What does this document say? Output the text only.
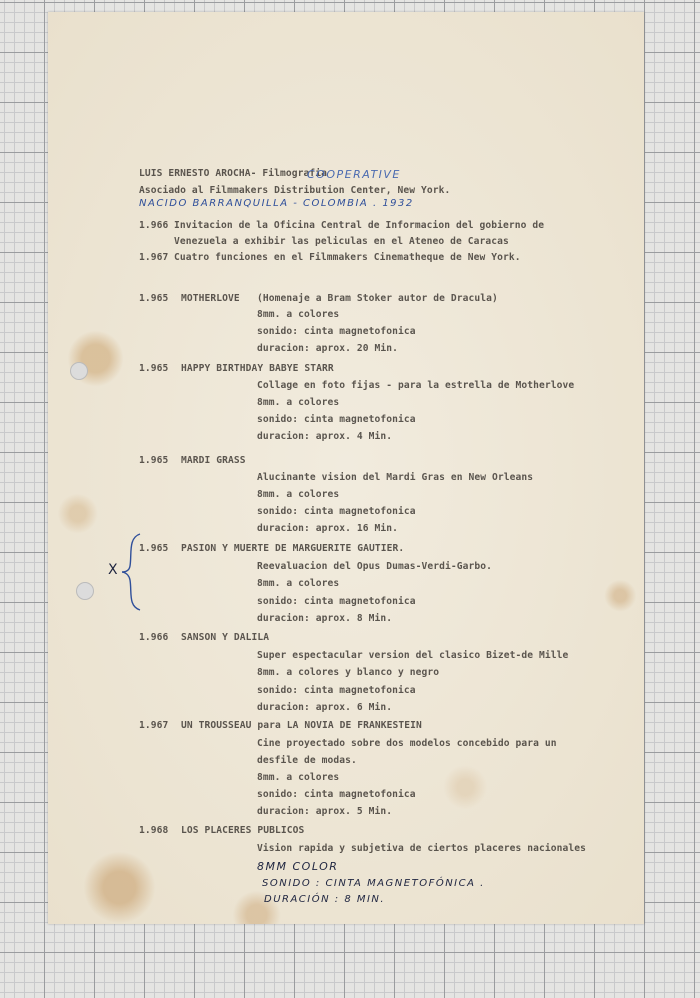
LUIS ERNESTO AROCHA- Filmografia
COOPERATIVE
Asociado al Filmmakers Distribution Center, New York.
NACIDO BARRANQUILLA - COLOMBIA . 1932
1.966 Invitacion de la Oficina Central de Informacion del gobierno de
Venezuela a exhibir las peliculas en el Ateneo de Caracas
1.967 Cuatro funciones en el Filmmakers Cinematheque de New York.
1.965 MOTHERLOVE (Homenaje a Bram Stoker autor de Dracula)
8mm. a colores
sonido: cinta magnetofonica
duracion: aprox. 20 Min.
1.965 HAPPY BIRTHDAY BABYE STARR
Collage en foto fijas - para la estrella de Motherlove
8mm. a colores
sonido: cinta magnetofonica
duracion: aprox. 4 Min.
1.965 MARDI GRASS
Alucinante vision del Mardi Gras en New Orleans
8mm. a colores
sonido: cinta magnetofonica
duracion: aprox. 16 Min.
X
1.965 PASION Y MUERTE DE MARGUERITE GAUTIER.
Reevaluacion del Opus Dumas-Verdi-Garbo.
8mm. a colores
sonido: cinta magnetofonica
duracion: aprox. 8 Min.
1.966 SANSON Y DALILA
Super espectacular version del clasico Bizet-de Mille
8mm. a colores y blanco y negro
sonido: cinta magnetofonica
duracion: aprox. 6 Min.
1.967 UN TROUSSEAU para LA NOVIA DE FRANKESTEIN
Cine proyectado sobre dos modelos concebido para un
desfile de modas.
8mm. a colores
sonido: cinta magnetofonica
duracion: aprox. 5 Min.
1.968 LOS PLACERES PUBLICOS
Vision rapida y subjetiva de ciertos placeres nacionales
8MM COLOR
SONIDO : CINTA MAGNETOFÓNICA .
DURACIÓN : 8 MIN.
